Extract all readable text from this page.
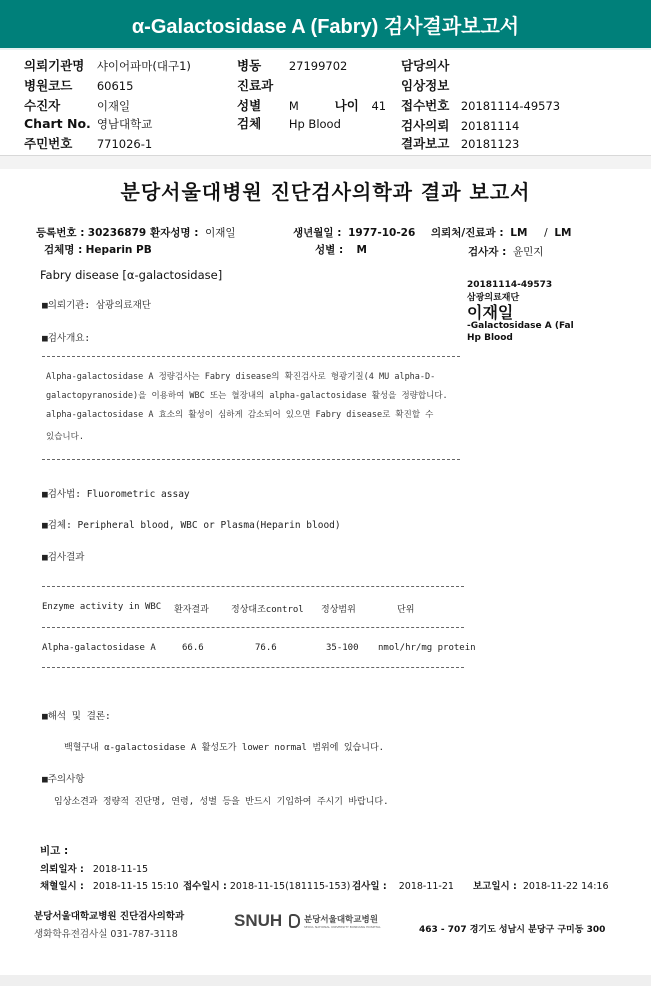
α-Galactosidase A (Fabry) 검사결과보고서
의뢰기관명 샤이어파마(대구1)	병동 27199702	담당의사
병원코드 60615	진료과	임상정보
수진자	이재일	성별 M	나이 41 접수번호 20181114-49573
Chart No. 영남대학교	검체 Hp Blood	검사의뢰 20181114
주민번호 771026-1	결과보고 20181123
분당서울대병원 진단검사의학과 결과 보고서
등록번호 : 30236879 환자성명 : 이재일	생년월일 : 1977-10-26 의뢰처/진료과 : LM / LM
검체명 : Heparin PB	성별 : M	검사자 : 윤민지
Fabry disease [α-galactosidase]
20181114-49573
삼광의료재단
이재일
-Galactosidase A (Fal
Hp Blood
■의뢰기관: 삼광의료재단
■검사개요:
Alpha-galactosidase A 정량검사는 Fabry disease의 확진검사로 형광기질(4 MU alpha-D-
galactopyranoside)을 이용하여 WBC 또는 혈장내의 alpha-galactosidase 활성을 정량합니다.
alpha-galactosidase A 효소의 활성이 심하게 감소되어 있으면 Fabry disease로 확진할 수
있습니다.
■검사법: Fluorometric assay
■검체: Peripheral blood, WBC or Plasma(Heparin blood)
■검사결과
Enzyme activity in WBC 환자결과 정상대조control 정상범위	단위
Alpha-galactosidase A	66.6	76.6	35-100 nmol/hr/mg protein
■해석 및 결론:
백혈구내 α-galactosidase A 활성도가 lower normal 범위에 있습니다.
■주의사항
임상소견과 정량적 진단명, 연령, 성별 등을 반드시 기입하여 주시기 바랍니다.
비고 :
의뢰일자 : 2018-11-15
채혈일시 : 2018-11-15 15:10 접수일시 : 2018-11-15(181115-153) 검사일 : 2018-11-21 보고일시 : 2018-11-22 14:16
분당서울대학교병원 진단검사의학과
생화학유전검사실 031-787-3118
SNUH	분당서울대학교병원
SEOUL NATIONAL UNIVERSITY BUNDANG HOSPITAL	463 - 707 경기도 성남시 분당구 구미동 300
